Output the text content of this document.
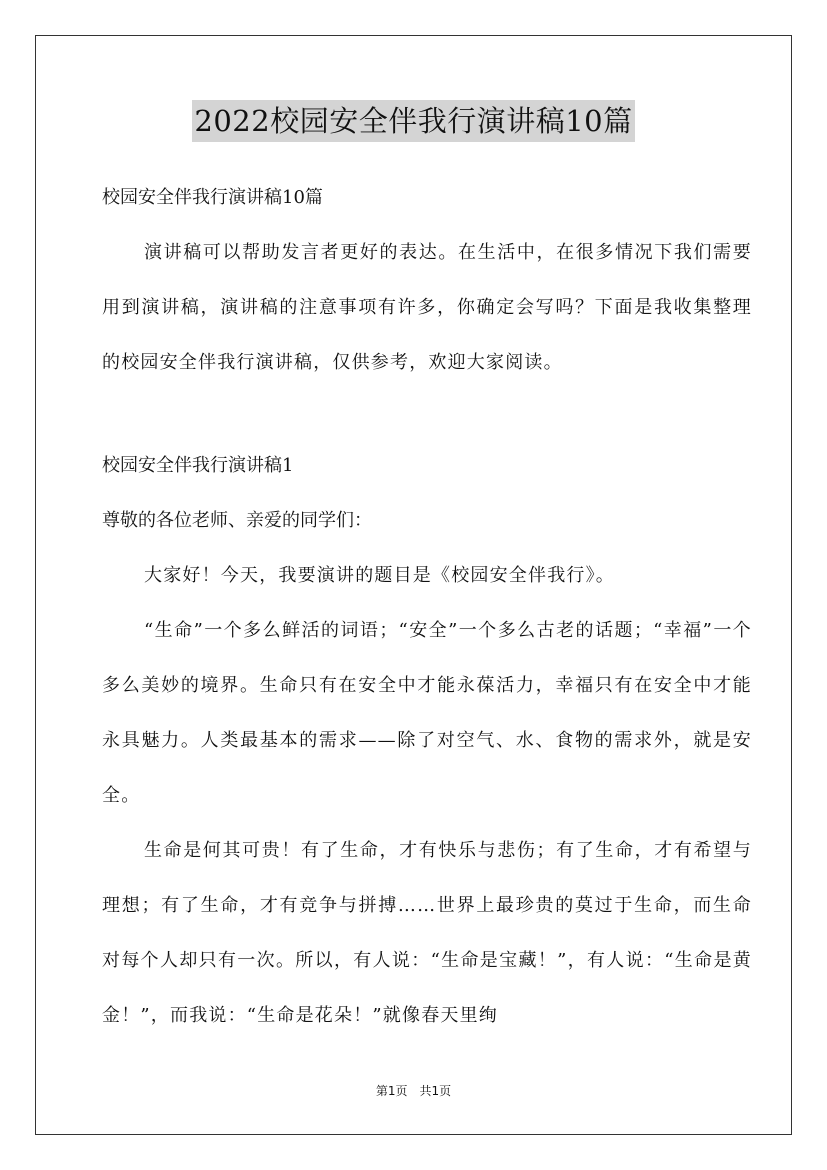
2022校园安全伴我行演讲稿10篇

校园安全伴我行演讲稿10篇

演讲稿可以帮助发言者更好的表达。在生活中，在很多情况下我们需要用到演讲稿，演讲稿的注意事项有许多，你确定会写吗？下面是我收集整理的校园安全伴我行演讲稿，仅供参考，欢迎大家阅读。

校园安全伴我行演讲稿1

尊敬的各位老师、亲爱的同学们：

大家好！今天，我要演讲的题目是《校园安全伴我行》。

“生命”一个多么鲜活的词语；“安全”一个多么古老的话题；“幸福”一个多么美妙的境界。生命只有在安全中才能永葆活力，幸福只有在安全中才能永具魅力。人类最基本的需求——除了对空气、水、食物的需求外，就是安全。

生命是何其可贵！有了生命，才有快乐与悲伤；有了生命，才有希望与理想；有了生命，才有竞争与拼搏……世界上最珍贵的莫过于生命，而生命对每个人却只有一次。所以，有人说：“生命是宝藏！”，有人说：“生命是黄金！”，而我说：“生命是花朵！”就像春天里绚

第1页　共1页
